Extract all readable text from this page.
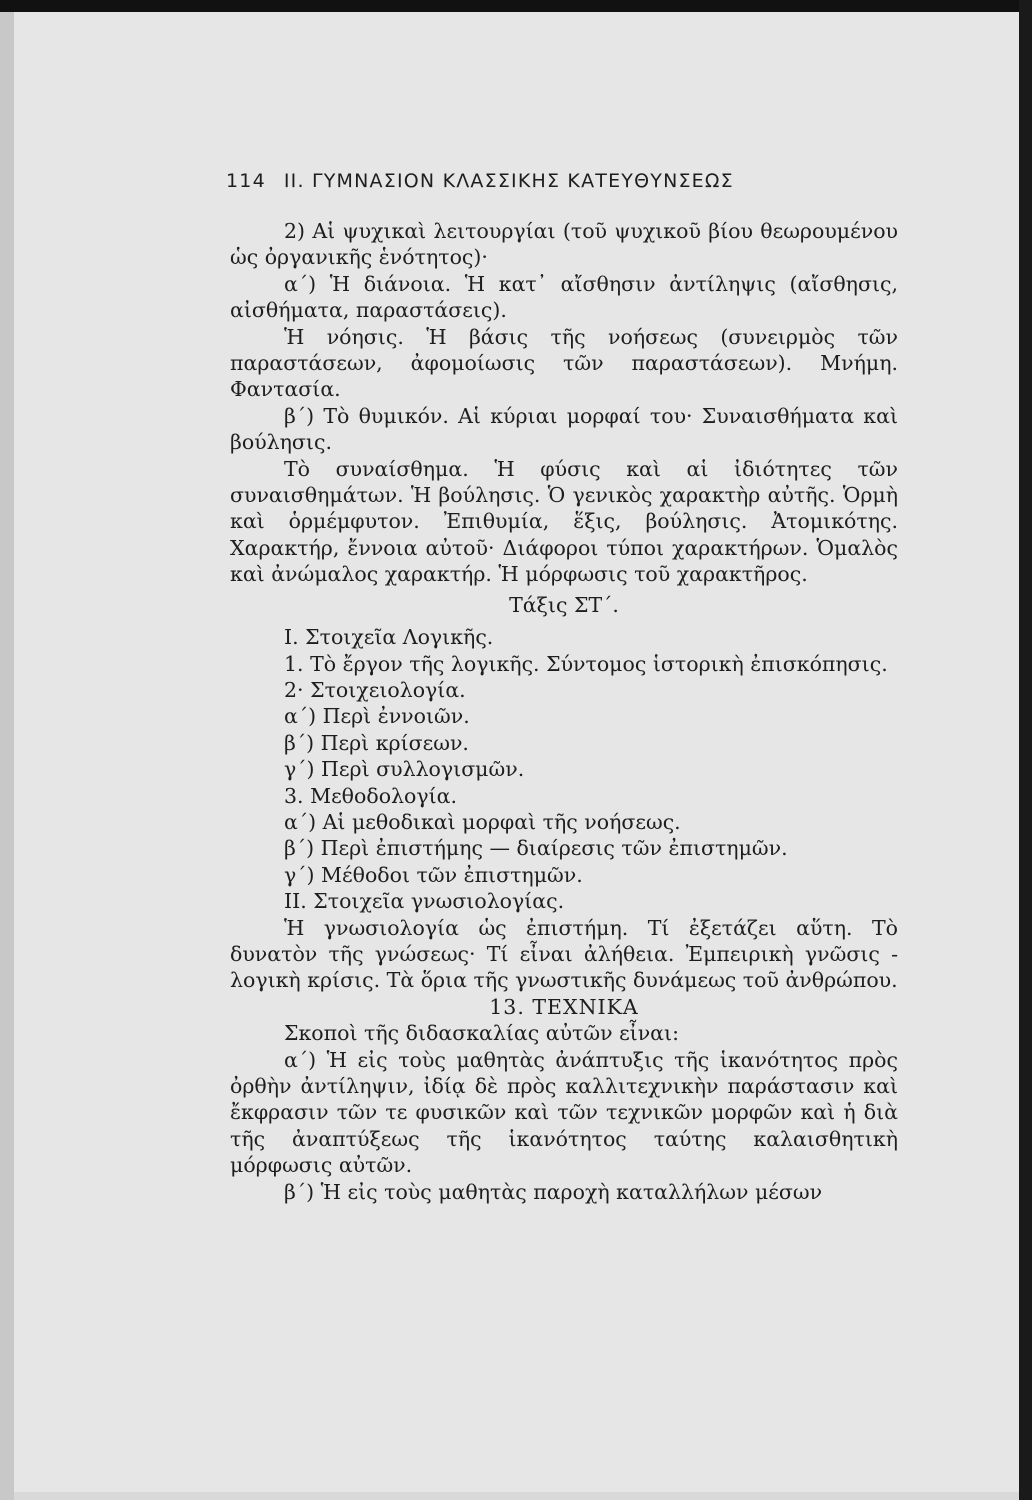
114 ΙΙ. ΓΥΜΝΑΣΙΟΝ ΚΛΑΣΣΙΚΗΣ ΚΑΤΕΥΘΥΝΣΕΩΣ

2) Αἱ ψυχικαὶ λειτουργίαι (τοῦ ψυχικοῦ βίου θεωρουμένου ὡς ὀργανικῆς ἑνότητος)·

α΄) Ἡ διάνοια. Ἡ κατ᾿ αἴσθησιν ἀντίληψις (αἴσθησις, αἰσθήματα, παραστάσεις).

Ἡ νόησις. Ἡ βάσις τῆς νοήσεως (συνειρμὸς τῶν παραστάσεων, ἀφομοίωσις τῶν παραστάσεων). Μνήμη. Φαντασία.

β΄) Τὸ θυμικόν. Αἱ κύριαι μορφαί του· Συναισθήματα καὶ βούλησις.

Τὸ συναίσθημα. Ἡ φύσις καὶ αἱ ἰδιότητες τῶν συναισθημάτων. Ἡ βούλησις. Ὁ γενικὸς χαρακτὴρ αὐτῆς. Ὁρμὴ καὶ ὁρμέμφυτον. Ἐπιθυμία, ἕξις, βούλησις. Ἀτομικότης. Χαρακτήρ, ἔννοια αὐτοῦ· Διάφοροι τύποι χαρακτήρων. Ὁμαλὸς καὶ ἀνώμαλος χαρακτήρ. Ἡ μόρφωσις τοῦ χαρακτῆρος.

Τάξις ΣΤ΄.

Ι. Στοιχεῖα Λογικῆς.

1. Τὸ ἔργον τῆς λογικῆς. Σύντομος ἱστορικὴ ἐπισκόπησις.

2· Στοιχειολογία.

α΄) Περὶ ἐννοιῶν.

β΄) Περὶ κρίσεων.

γ΄) Περὶ συλλογισμῶν.

3. Μεθοδολογία.

α΄) Αἱ μεθοδικαὶ μορφαὶ τῆς νοήσεως.

β΄) Περὶ ἐπιστήμης — διαίρεσις τῶν ἐπιστημῶν.

γ΄) Μέθοδοι τῶν ἐπιστημῶν.

ΙΙ. Στοιχεῖα γνωσιολογίας.

Ἡ γνωσιολογία ὡς ἐπιστήμη. Τί ἐξετάζει αὕτη. Τὸ δυνατὸν τῆς γνώσεως· Τί εἶναι ἀλήθεια. Ἐμπειρικὴ γνῶσις - λογικὴ κρίσις. Τὰ ὅρια τῆς γνωστικῆς δυνάμεως τοῦ ἀνθρώπου.

13. ΤΕΧΝΙΚΑ

Σκοποὶ τῆς διδασκαλίας αὐτῶν εἶναι:

α΄) Ἡ εἰς τοὺς μαθητὰς ἀνάπτυξις τῆς ἱκανότητος πρὸς ὀρθὴν ἀντίληψιν, ἰδίᾳ δὲ πρὸς καλλιτεχνικὴν παράστασιν καὶ ἔκφρασιν τῶν τε φυσικῶν καὶ τῶν τεχνικῶν μορφῶν καὶ ἡ διὰ τῆς ἀναπτύξεως τῆς ἱκανότητος ταύτης καλαισθητικὴ μόρφωσις αὐτῶν.

β΄) Ἡ εἰς τοὺς μαθητὰς παροχὴ καταλλήλων μέσων
